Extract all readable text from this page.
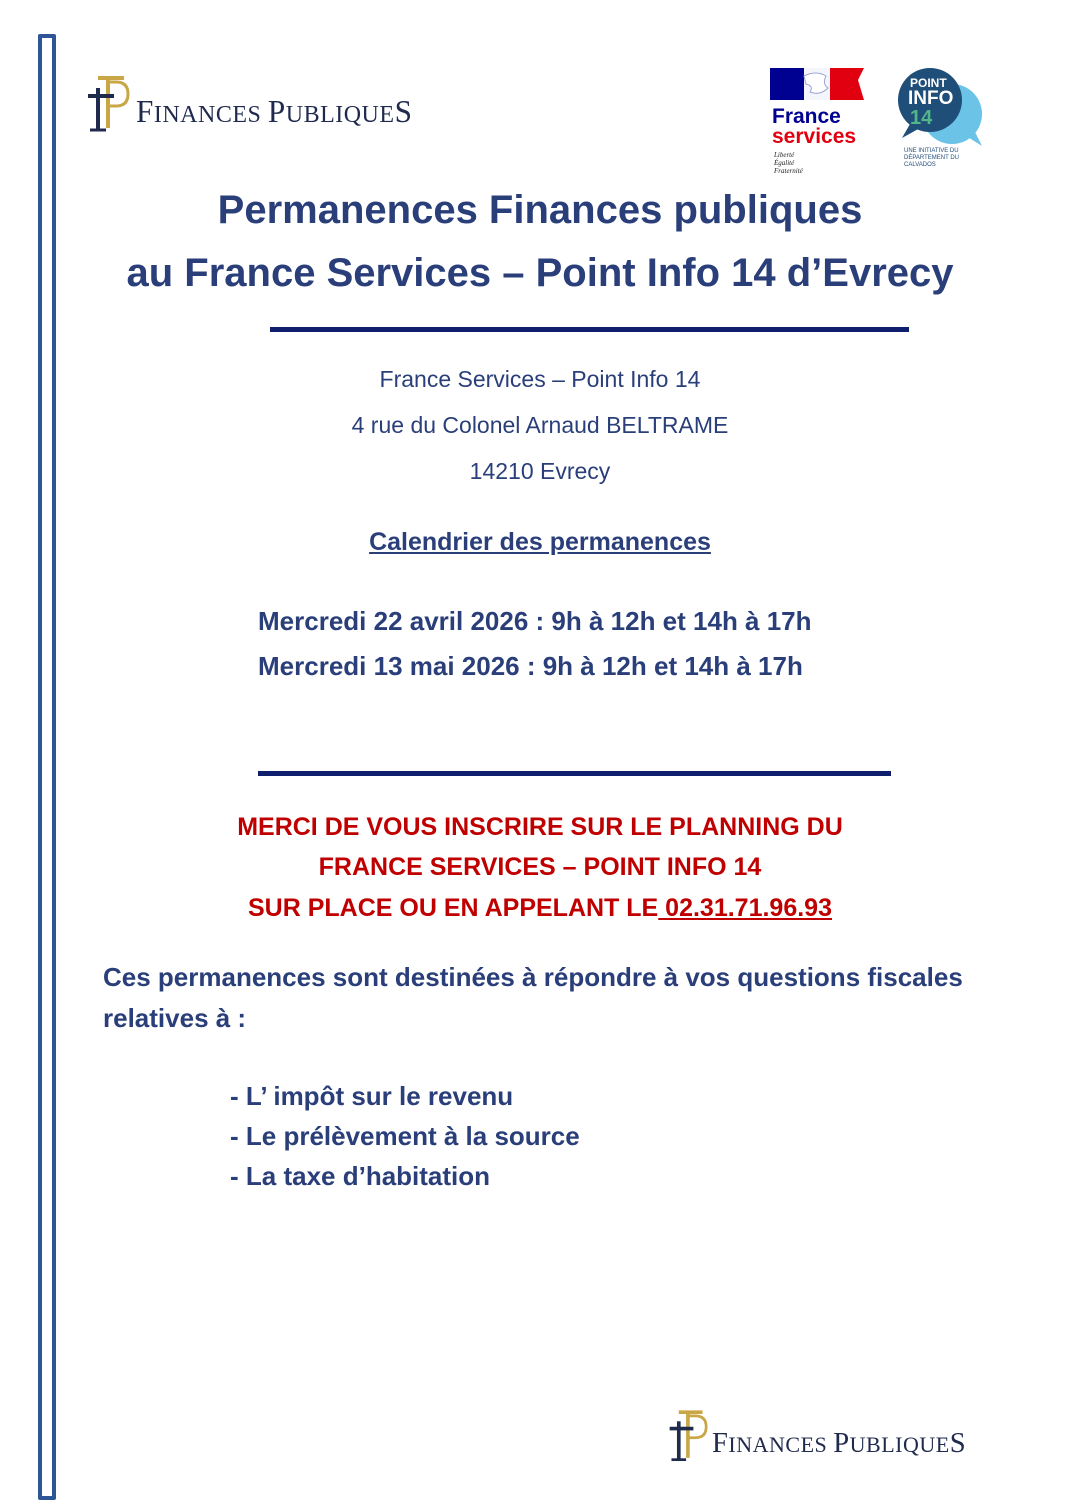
FINANCES PUBLIQUES	France
services
Liberté
Égalité
Fraternité
POINT
INFO
14
UNE INITIATIVE DU DÉPARTEMENT DU CALVADOS
Permanences Finances publiques
au France Services – Point Info 14 d’Evrecy
France Services – Point Info 14
4 rue du Colonel Arnaud BELTRAME
14210 Evrecy
Calendrier des permanences
Mercredi 22 avril 2026 : 9h à 12h et 14h à 17h
Mercredi 13 mai 2026 : 9h à 12h et 14h à 17h
MERCI DE VOUS INSCRIRE SUR LE PLANNING DU
FRANCE SERVICES – POINT INFO 14
SUR PLACE OU EN APPELANT LE 02.31.71.96.93
Ces permanences sont destinées à répondre à vos questions fiscales relatives à :
- L’ impôt sur le revenu
- Le prélèvement à la source
- La taxe d’habitation
FINANCES PUBLIQUES
